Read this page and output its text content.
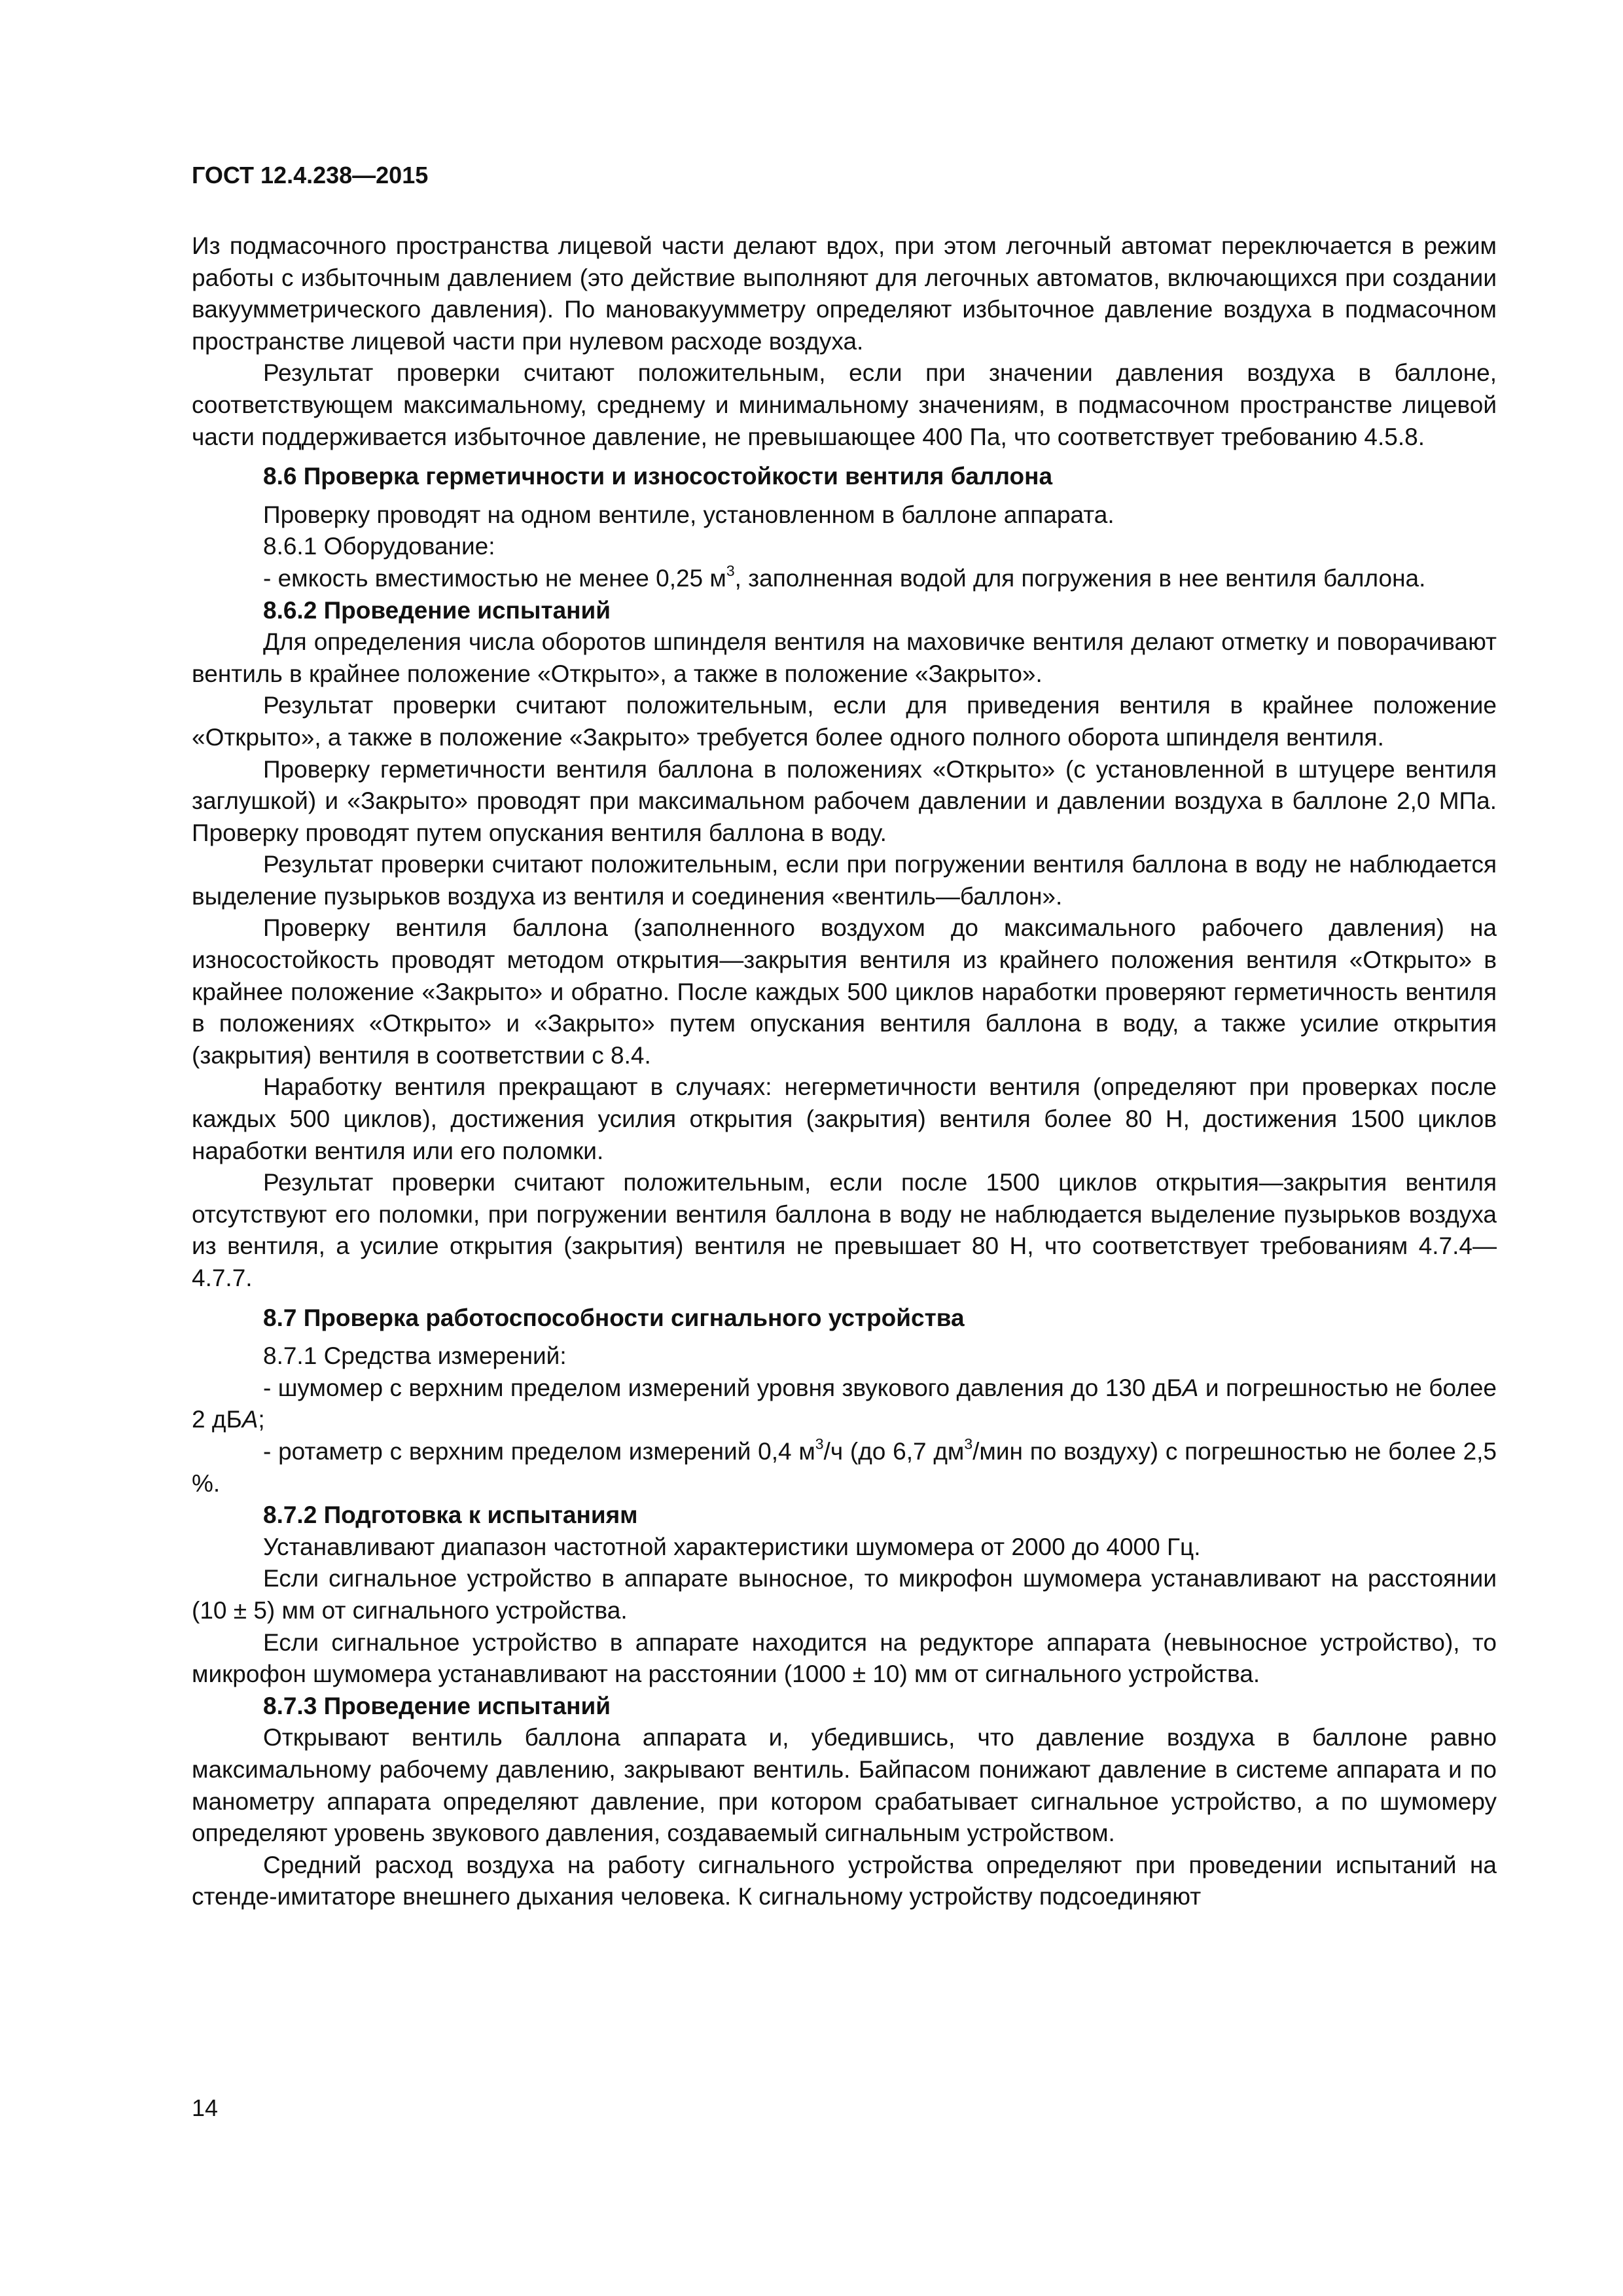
ГОСТ 12.4.238—2015

Из подмасочного пространства лицевой части делают вдох, при этом легочный автомат переключается в режим работы с избыточным давлением (это действие выполняют для легочных автоматов, включающихся при создании вакуумметрического давления). По мановакуумметру определяют избыточное давление воздуха в подмасочном пространстве лицевой части при нулевом расходе воздуха.

Результат проверки считают положительным, если при значении давления воздуха в баллоне, соответствующем максимальному, среднему и минимальному значениям, в подмасочном пространстве лицевой части поддерживается избыточное давление, не превышающее 400 Па, что соответствует требованию 4.5.8.

8.6 Проверка герметичности и износостойкости вентиля баллона

Проверку проводят на одном вентиле, установленном в баллоне аппарата.

8.6.1 Оборудование:

- емкость вместимостью не менее 0,25 $м^3$, заполненная водой для погружения в нее вентиля баллона.

8.6.2 Проведение испытаний

Для определения числа оборотов шпинделя вентиля на маховичке вентиля делают отметку и поворачивают вентиль в крайнее положение «Открыто», а также в положение «Закрыто».

Результат проверки считают положительным, если для приведения вентиля в крайнее положение «Открыто», а также в положение «Закрыто» требуется более одного полного оборота шпинделя вентиля.

Проверку герметичности вентиля баллона в положениях «Открыто» (с установленной в штуцере вентиля заглушкой) и «Закрыто» проводят при максимальном рабочем давлении и давлении воздуха в баллоне 2,0 МПа. Проверку проводят путем опускания вентиля баллона в воду.

Результат проверки считают положительным, если при погружении вентиля баллона в воду не наблюдается выделение пузырьков воздуха из вентиля и соединения «вентиль—баллон».

Проверку вентиля баллона (заполненного воздухом до максимального рабочего давления) на износостойкость проводят методом открытия—закрытия вентиля из крайнего положения вентиля «Открыто» в крайнее положение «Закрыто» и обратно. После каждых 500 циклов наработки проверяют герметичность вентиля в положениях «Открыто» и «Закрыто» путем опускания вентиля баллона в воду, а также усилие открытия (закрытия) вентиля в соответствии с 8.4.

Наработку вентиля прекращают в случаях: негерметичности вентиля (определяют при проверках после каждых 500 циклов), достижения усилия открытия (закрытия) вентиля более 80 Н, достижения 1500 циклов наработки вентиля или его поломки.

Результат проверки считают положительным, если после 1500 циклов открытия—закрытия вентиля отсутствуют его поломки, при погружении вентиля баллона в воду не наблюдается выделение пузырьков воздуха из вентиля, а усилие открытия (закрытия) вентиля не превышает 80 Н, что соответствует требованиям 4.7.4—4.7.7.

8.7 Проверка работоспособности сигнального устройства

8.7.1 Средства измерений:

- шумомер с верхним пределом измерений уровня звукового давления до 130 дБА и погрешностью не более 2 дБА;

- ротаметр с верхним пределом измерений 0,4 $м^3/ч$ (до 6,7 $дм^3$/мин по воздуху) с погрешностью не более 2,5 %.

8.7.2 Подготовка к испытаниям

Устанавливают диапазон частотной характеристики шумомера от 2000 до 4000 Гц.

Если сигнальное устройство в аппарате выносное, то микрофон шумомера устанавливают на расстоянии (10 ± 5) мм от сигнального устройства.

Если сигнальное устройство в аппарате находится на редукторе аппарата (невыносное устройство), то микрофон шумомера устанавливают на расстоянии (1000 ± 10) мм от сигнального устройства.

8.7.3 Проведение испытаний

Открывают вентиль баллона аппарата и, убедившись, что давление воздуха в баллоне равно максимальному рабочему давлению, закрывают вентиль. Байпасом понижают давление в системе аппарата и по манометру аппарата определяют давление, при котором срабатывает сигнальное устройство, а по шумомеру определяют уровень звукового давления, создаваемый сигнальным устройством.

Средний расход воздуха на работу сигнального устройства определяют при проведении испытаний на стенде-имитаторе внешнего дыхания человека. К сигнальному устройству подсоединяют

14
